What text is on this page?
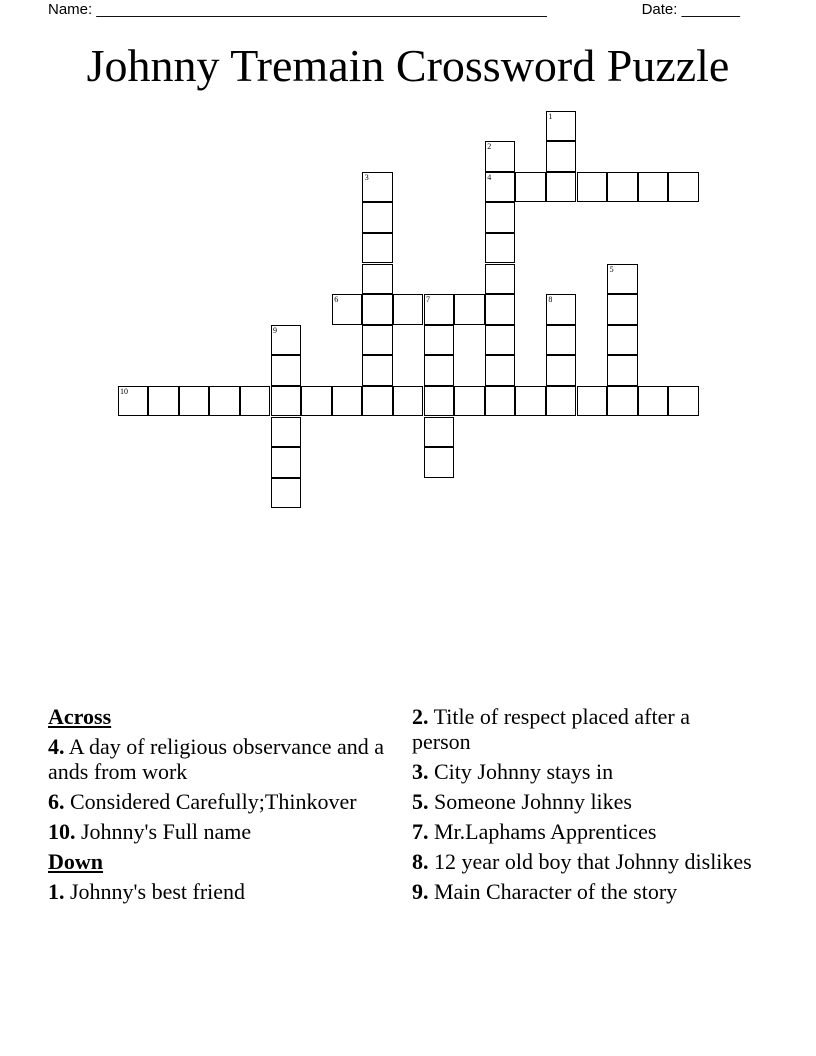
Name: ______________________________________________________	Date: _______
Johnny Tremain Crossword Puzzle
1
2
4
3
5
6	7	8
9
10
Across
4. A day of religious observance and a ands from work
6. Considered Carefully;Thinkover
10. Johnny's Full name
Down
1. Johnny's best friend
2. Title of respect placed after a person
3. City Johnny stays in
5. Someone Johnny likes
7. Mr.Laphams Apprentices
8. 12 year old boy that Johnny dislikes
9. Main Character of the story
